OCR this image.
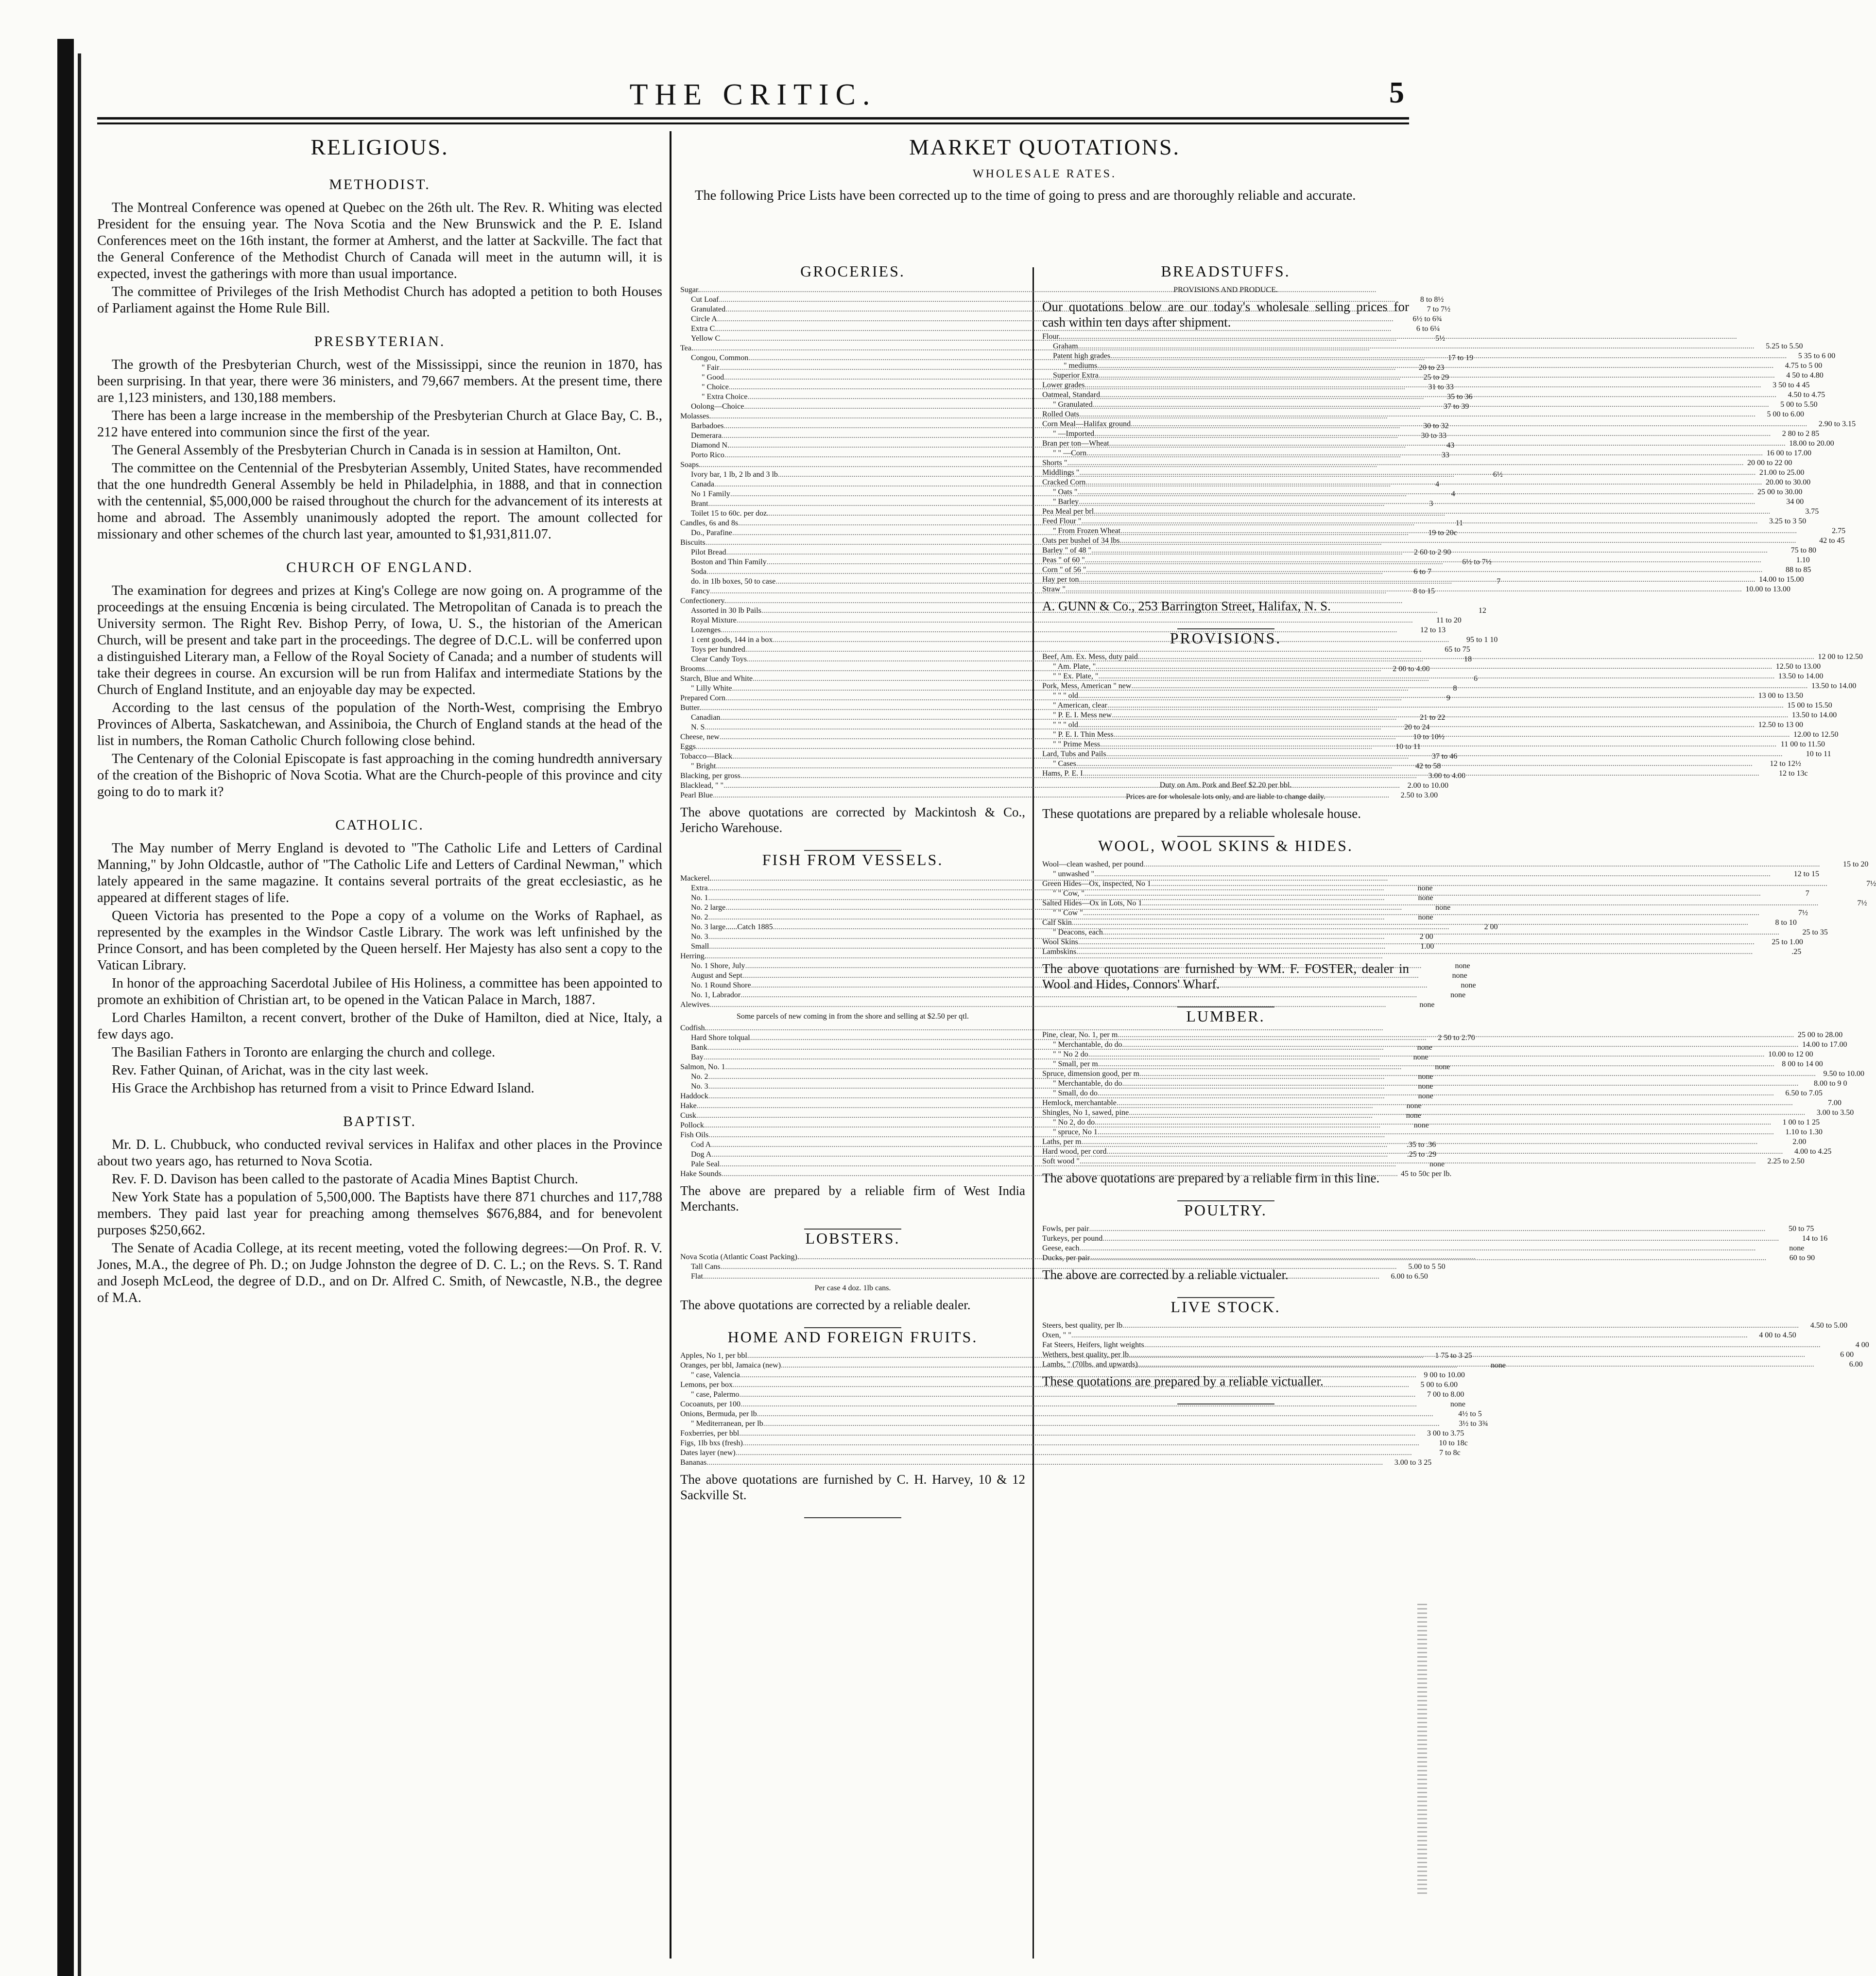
THE CRITIC.	5
RELIGIOUS.
METHODIST.

The Montreal Conference was opened at Quebec on the 26th ult. The Rev. R. Whiting was elected President for the ensuing year. The Nova Scotia and the New Brunswick and the P. E. Island Conferences meet on the 16th instant, the former at Amherst, and the latter at Sackville. The fact that the General Conference of the Methodist Church of Canada will meet in the autumn will, it is expected, invest the gatherings with more than usual importance.

The committee of Privileges of the Irish Methodist Church has adopted a petition to both Houses of Parliament against the Home Rule Bill.

PRESBYTERIAN.

The growth of the Presbyterian Church, west of the Mississippi, since the reunion in 1870, has been surprising. In that year, there were 36 ministers, and 79,667 members. At the present time, there are 1,123 ministers, and 130,188 members.

There has been a large increase in the membership of the Presbyterian Church at Glace Bay, C. B., 212 have entered into communion since the first of the year.

The General Assembly of the Presbyterian Church in Canada is in session at Hamilton, Ont.

The committee on the Centennial of the Presbyterian Assembly, United States, have recommended that the one hundredth General Assembly be held in Philadelphia, in 1888, and that in connection with the centennial, $5,000,000 be raised throughout the church for the advancement of its interests at home and abroad. The Assembly unanimously adopted the report. The amount collected for missionary and other schemes of the church last year, amounted to $1,931,811.07.

CHURCH OF ENGLAND.

The examination for degrees and prizes at King's College are now going on. A programme of the proceedings at the ensuing Encœnia is being circulated. The Metropolitan of Canada is to preach the University sermon. The Right Rev. Bishop Perry, of Iowa, U. S., the historian of the American Church, will be present and take part in the proceedings. The degree of D.C.L. will be conferred upon a distinguished Literary man, a Fellow of the Royal Society of Canada; and a number of students will take their degrees in course. An excursion will be run from Halifax and intermediate Stations by the Church of England Institute, and an enjoyable day may be expected.

According to the last census of the population of the North-West, comprising the Embryo Provinces of Alberta, Saskatchewan, and Assiniboia, the Church of England stands at the head of the list in numbers, the Roman Catholic Church following close behind.

The Centenary of the Colonial Episcopate is fast approaching in the coming hundredth anniversary of the creation of the Bishopric of Nova Scotia. What are the Church-people of this province and city going to do to mark it?

CATHOLIC.

The May number of Merry England is devoted to "The Catholic Life and Letters of Cardinal Manning," by John Oldcastle, author of "The Catholic Life and Letters of Cardinal Newman," which lately appeared in the same magazine. It contains several portraits of the great ecclesiastic, as he appeared at different stages of life.

Queen Victoria has presented to the Pope a copy of a volume on the Works of Raphael, as represented by the examples in the Windsor Castle Library. The work was left unfinished by the Prince Consort, and has been completed by the Queen herself. Her Majesty has also sent a copy to the Vatican Library.

In honor of the approaching Sacerdotal Jubilee of His Holiness, a committee has been appointed to promote an exhibition of Christian art, to be opened in the Vatican Palace in March, 1887.

Lord Charles Hamilton, a recent convert, brother of the Duke of Hamilton, died at Nice, Italy, a few days ago.

The Basilian Fathers in Toronto are enlarging the church and college.

Rev. Father Quinan, of Arichat, was in the city last week.

His Grace the Archbishop has returned from a visit to Prince Edward Island.

BAPTIST.

Mr. D. L. Chubbuck, who conducted revival services in Halifax and other places in the Province about two years ago, has returned to Nova Scotia.

Rev. F. D. Davison has been called to the pastorate of Acadia Mines Baptist Church.

New York State has a population of 5,500,000. The Baptists have there 871 churches and 117,788 members. They paid last year for preaching among themselves $676,884, and for benevolent purposes $250,662.

The Senate of Acadia College, at its recent meeting, voted the following degrees:—On Prof. R. V. Jones, M.A., the degree of Ph. D.; on Judge Johnston the degree of D. C. L.; on the Revs. S. T. Rand and Joseph McLeod, the degree of D.D., and on Dr. Alfred C. Smith, of Newcastle, N.B., the degree of M.A.

MARKET QUOTATIONS.
WHOLESALE RATES.
The following Price Lists have been corrected up to the time of going to press and are thoroughly reliable and accurate.
GROCERIES.
Sugar.
.....
Cut Loaf .....	8 to 8½
Granulated .....	7 to 7½
Circle A .....	6½ to 6¾
Extra C .....	6 to 6¼
Yellow C .....	5½
Tea.
.....
Congou, Common .....	17 to 19
" Fair .....	20 to 23
" Good .....	25 to 29
" Choice .....	31 to 33
" Extra Choice .....	35 to 36
Oolong—Choice .....	37 to 39
Molasses.
.....
Barbadoes .....	30 to 32
Demerara .....	30 to 33
Diamond N. .....	43
Porto Rico .....	33
Soaps.
.....
Ivory bar, 1 lb, 2 lb and 3 lb .....	6½
Canada .....	4
No 1 Family .....	4
Brant .....	3
Toilet 15 to 60c. per doz.
.....
Candles, 6s and 8s .....	11
Do., Parafine .....	19 to 20c
Biscuits
.....
Pilot Bread .....	2 60 to 2 90
Boston and Thin Family .....	6½ to 7½
Soda .....	6 to 7
do. in 1lb boxes, 50 to case .....	7
Fancy .....	8 to 15
Confectionery.
.....
Assorted in 30 lb Pails .....	12
Royal Mixture .....	11 to 20
Lozenges .....	12 to 13
1 cent goods, 144 in a box .....	95 to 1 10
Toys per hundred .....	65 to 75
Clear Candy Toys .....	18
Brooms .....	2 00 to 4.00
Starch, Blue and White .....	6
" Lilly White .....	8
Prepared Corn .....	9
Butter.
.....
Canadian .....	21 to 22
N. S .....	20 to 24
Cheese, new .....	10 to 10½
Eggs .....	10 to 11
Tobacco—Black .....	37 to 46
" Bright .....	42 to 58
Blacking, per gross .....	3.00 to 4.00
Blacklead, " " .....	2.00 to 10.00
Pearl Blue .....	2.50 to 3.00
The above quotations are corrected by Mackintosh & Co., Jericho Warehouse.
FISH FROM VESSELS.
Mackerel.
.....
Extra .....	none
No. 1 .....	none
No. 2 large .....	none
No. 2 .....	none
No. 3 large......Catch 1885 .....	2 00
No. 3 .....	2 00
Small .....	1.00
Herring.
.....
No. 1 Shore, July .....	none
August and Sept .....	none
No. 1 Round Shore .....	none
No. 1, Labrador .....	none
Alewives .....	none
Some parcels of new coming in from the shore and selling at $2.50 per qtl.
Codfish.
.....
Hard Shore tolqual .....	2 50 to 2.70
Bank .....	none
Bay .....	none
Salmon, No. 1 .....	none
No. 2 .....	none
No. 3 .....	none
Haddock .....	none
Hake .....	none
Cusk .....	none
Pollock .....	none
Fish Oils
.....
Cod A .....	.35 to .36
Dog A .....	.25 to .29
Pale Seal .....	none
Hake Sounds .....	45 to 50c per lb.
The above are prepared by a reliable firm of West India Merchants.
LOBSTERS.
Nova Scotia (Atlantic Coast Packing).
.....
Tall Cans .....	5.00 to 5 50
Flat .....	6.00 to 6.50
Per case 4 doz. 1lb cans.
The above quotations are corrected by a reliable dealer.
HOME AND FOREIGN FRUITS.
Apples, No 1, per bbl .....	1 75 to 3 25
Oranges, per bbl, Jamaica (new) .....	none
" case, Valencia .....	9 00 to 10.00
Lemons, per box .....	5 00 to 6.00
" case, Palermo .....	7 00 to 8.00
Cocoanuts, per 100 .....	none
Onions, Bermuda, per lb .....	4½ to 5
" Mediterranean, per lb .....	3½ to 3¾
Foxberries, per bbl .....	3 00 to 3.75
Figs, 1lb bxs (fresh) .....	10 to 18c
Dates layer (new) .....	7 to 8c
Bananas .....	3.00 to 3 25
The above quotations are furnished by C. H. Harvey, 10 & 12 Sackville St.
BREADSTUFFS.
PROVISIONS AND PRODUCE.
Our quotations below are our today's wholesale selling prices for cash within ten days after shipment.
Flour.
.....
Graham .....	5.25 to 5.50
Patent high grades .....	5 35 to 6 00
" mediums .....	4.75 to 5 00
Superior Extra .....	4 50 to 4.80
Lower grades .....	3 50 to 4 45
Oatmeal, Standard .....	4.50 to 4.75
" Granulated .....	5 00 to 5.50
Rolled Oats .....	5 00 to 6.00
Corn Meal—Halifax ground .....	2.90 to 3.15
" —Imported .....	2 80 to 2 85
Bran per ton—Wheat .....	18.00 to 20.00
" " —Corn .....	16 00 to 17.00
Shorts " .....	20 00 to 22 00
Middlings " .....	21.00 to 25.00
Cracked Corn .....	20.00 to 30.00
" Oats " .....	25 00 to 30.00
" Barley .....	34 00
Pea Meal per brl .....	3.75
Feed Flour " .....	3.25 to 3 50
" From Frozen Wheat .....	2.75
Oats per bushel of 34 lbs .....	42 to 45
Barley " of 48 " .....	75 to 80
Peas " of 60 " .....	1.10
Corn " of 56 " .....	88 to 85
Hay per ton .....	14.00 to 15.00
Straw " .....	10.00 to 13.00
A. GUNN & Co., 253 Barrington Street, Halifax, N. S.
PROVISIONS.
Beef, Am. Ex. Mess, duty paid .....	12 00 to 12.50
" Am. Plate, " .....	12.50 to 13.00
" " Ex. Plate, " .....	13.50 to 14.00
Pork, Mess, American " new .....	13.50 to 14.00
" " " old .....	13 00 to 13.50
" American, clear .....	15 00 to 15.50
" P. E. I. Mess new .....	13.50 to 14.00
" " " old .....	12.50 to 13 00
" P. E. I. Thin Mess .....	12.00 to 12.50
" " Prime Mess .....	11 00 to 11.50
Lard, Tubs and Pails .....	10 to 11
" Cases .....	12 to 12½
Hams, P. E. I .....	12 to 13c
Duty on Am. Pork and Beef $2.20 per bbl.
Prices are for wholesale lots only, and are liable to change daily.
These quotations are prepared by a reliable wholesale house.
WOOL, WOOL SKINS & HIDES.
Wool—clean washed, per pound .....	15 to 20
" unwashed " .....	12 to 15
Green Hides—Ox, inspected, No 1 .....	7½
" " Cow, " .....	7
Salted Hides—Ox in Lots, No 1 .....	7½
" " Cow " .....	7½
Calf Skin .....	8 to 10
" Deacons, each .....	25 to 35
Wool Skins .....	25 to 1.00
Lambskins .....	.25
The above quotations are furnished by WM. F. FOSTER, dealer in Wool and Hides, Connors' Wharf.
LUMBER.
Pine, clear, No. 1, per m .....	25 00 to 28.00
" Merchantable, do do .....	14.00 to 17.00
" " No 2 do .....	10.00 to 12 00
" Small, per m .....	8 00 to 14 00
Spruce, dimension good, per m .....	9.50 to 10.00
" Merchantable, do do .....	8.00 to 9 0
" Small, do do .....	6.50 to 7.05
Hemlock, merchantable .....	7.00
Shingles, No 1, sawed, pine .....	3.00 to 3.50
" No 2, do do .....	1 00 to 1 25
" spruce, No 1 .....	1.10 to 1.30
Laths, per m .....	2.00
Hard wood, per cord .....	4.00 to 4.25
Soft wood " .....	2.25 to 2.50
The above quotations are prepared by a reliable firm in this line.
POULTRY.
Fowls, per pair .....	50 to 75
Turkeys, per pound .....	14 to 16
Geese, each .....	none
Ducks, per pair .....	60 to 90
The above are corrected by a reliable victualer.
LIVE STOCK.
Steers, best quality, per lb .....	4.50 to 5.00
Oxen, " " .....	4 00 to 4.50
Fat Steers, Heifers, light weights .....	4 00
Wethers, best quality, per lb .....	6 00
Lambs, " (70lbs. and upwards) .....	6.00
These quotations are prepared by a reliable victualler.
